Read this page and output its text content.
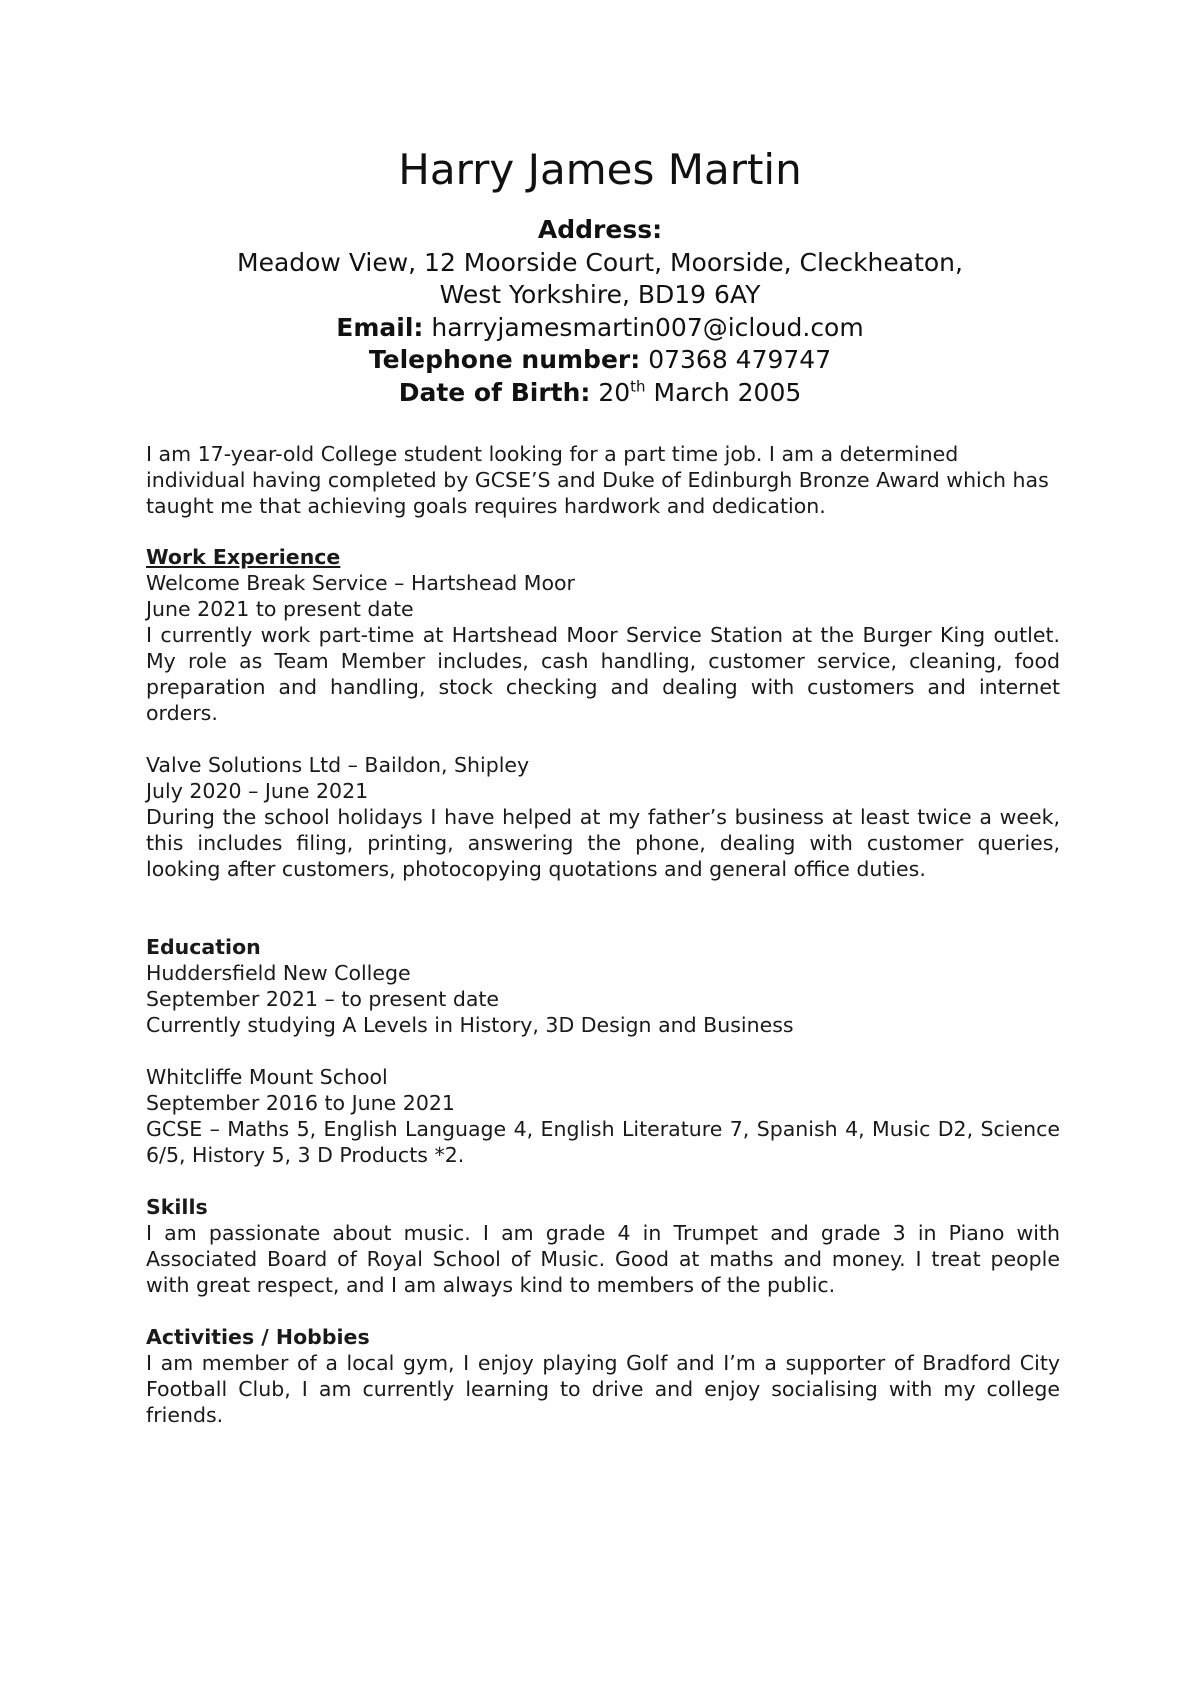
Harry James Martin
Address:
Meadow View, 12 Moorside Court, Moorside, Cleckheaton,
West Yorkshire, BD19 6AY
Email: harryjamesmartin007@icloud.com
Telephone number: 07368 479747
Date of Birth: 20th March 2005

I am 17-year-old College student looking for a part time job. I am a determined individual having completed by GCSE’S and Duke of Edinburgh Bronze Award which has taught me that achieving goals requires hardwork and dedication.

Work Experience

Welcome Break Service – Hartshead Moor

June 2021 to present date

I currently work part-time at Hartshead Moor Service Station at the Burger King outlet. My role as Team Member includes, cash handling, customer service, cleaning, food preparation and handling, stock checking and dealing with customers and internet orders.

Valve Solutions Ltd – Baildon, Shipley

July 2020 – June 2021

During the school holidays I have helped at my father’s business at least twice a week, this includes filing, printing, answering the phone, dealing with customer queries, looking after customers, photocopying quotations and general office duties.

Education

Huddersfield New College

September 2021 – to present date

Currently studying A Levels in History, 3D Design and Business

Whitcliffe Mount School

September 2016 to June 2021

GCSE – Maths 5, English Language 4, English Literature 7, Spanish 4, Music D2, Science 6/5, History 5, 3 D Products *2.

Skills

I am passionate about music. I am grade 4 in Trumpet and grade 3 in Piano with Associated Board of Royal School of Music. Good at maths and money. I treat people with great respect, and I am always kind to members of the public.

Activities / Hobbies

I am member of a local gym, I enjoy playing Golf and I’m a supporter of Bradford City Football Club, I am currently learning to drive and enjoy socialising with my college friends.
